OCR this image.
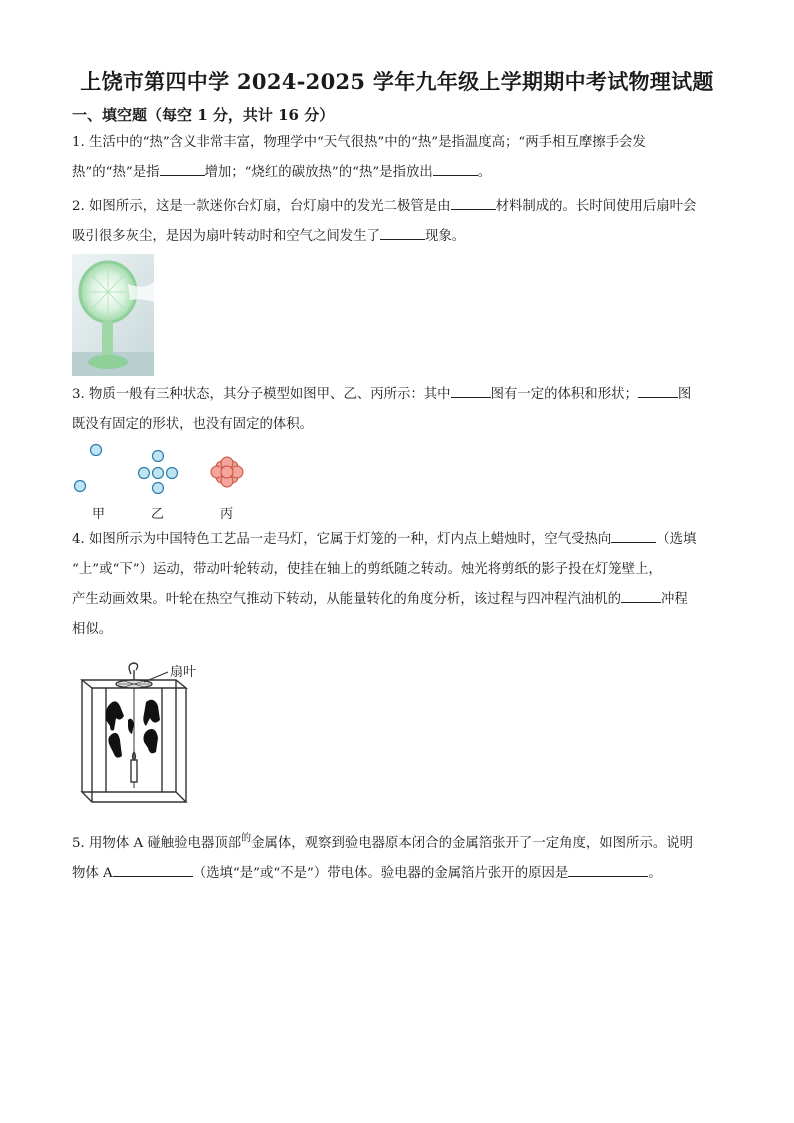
上饶市第四中学 2024-2025 学年九年级上学期期中考试物理试题
一、填空题（每空 1 分，共计 16 分）
1. 生活中的“热”含义非常丰富，物理学中“天气很热”中的“热”是指温度高；“两手相互摩擦手会发
热”的“热”是指	增加；“烧红的碳放热”的“热”是指放出	。
2. 如图所示，这是一款迷你台灯扇，台灯扇中的发光二极管是由	材料制成的。长时间使用后扇叶会
吸引很多灰尘，是因为扇叶转动时和空气之间发生了	现象。
3. 物质一般有三种状态，其分子模型如图甲、乙、丙所示：其中	图有一定的体积和形状；	图
既没有固定的形状，也没有固定的体积。
甲	乙	丙
4. 如图所示为中国特色工艺品一走马灯，它属于灯笼的一种，灯内点上蜡烛时，空气受热向	（选填
“上”或“下”）运动，带动叶轮转动，使挂在轴上的剪纸随之转动。烛光将剪纸的影子投在灯笼壁上，
产生动画效果。叶轮在热空气推动下转动，从能量转化的角度分析，该过程与四冲程汽油机的	冲程
相似。
扇叶
5. 用物体 A 碰触验电器顶部$^的$金属体，观察到验电器原本闭合的金属箔张开了一定角度，如图所示。说明
物体 A	（选填“是”或“不是”）带电体。验电器的金属箔片张开的原因是	。
